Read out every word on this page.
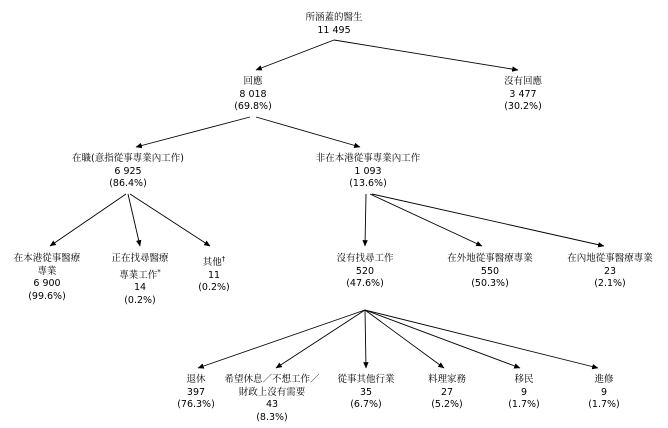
所涵蓋的醫生
11 495
回應
8 018
(69.8%)
沒有回應
3 477
(30.2%)
在職(意指從事專業內工作)
6 925
(86.4%)
非在本港從事專業內工作
1 093
(13.6%)
在本港從事醫療
專業
6 900
(99.6%)
正在找尋醫療
專業工作*
14
(0.2%)
其他†
11
(0.2%)
沒有找尋工作
520
(47.6%)
在外地從事醫療專業
550
(50.3%)
在內地從事醫療專業
23
(2.1%)
退休
397
(76.3%)
希望休息／不想工作／
財政上沒有需要
43
(8.3%)
從事其他行業
35
(6.7%)
料理家務
27
(5.2%)
移民
9
(1.7%)
進修
9
(1.7%)
